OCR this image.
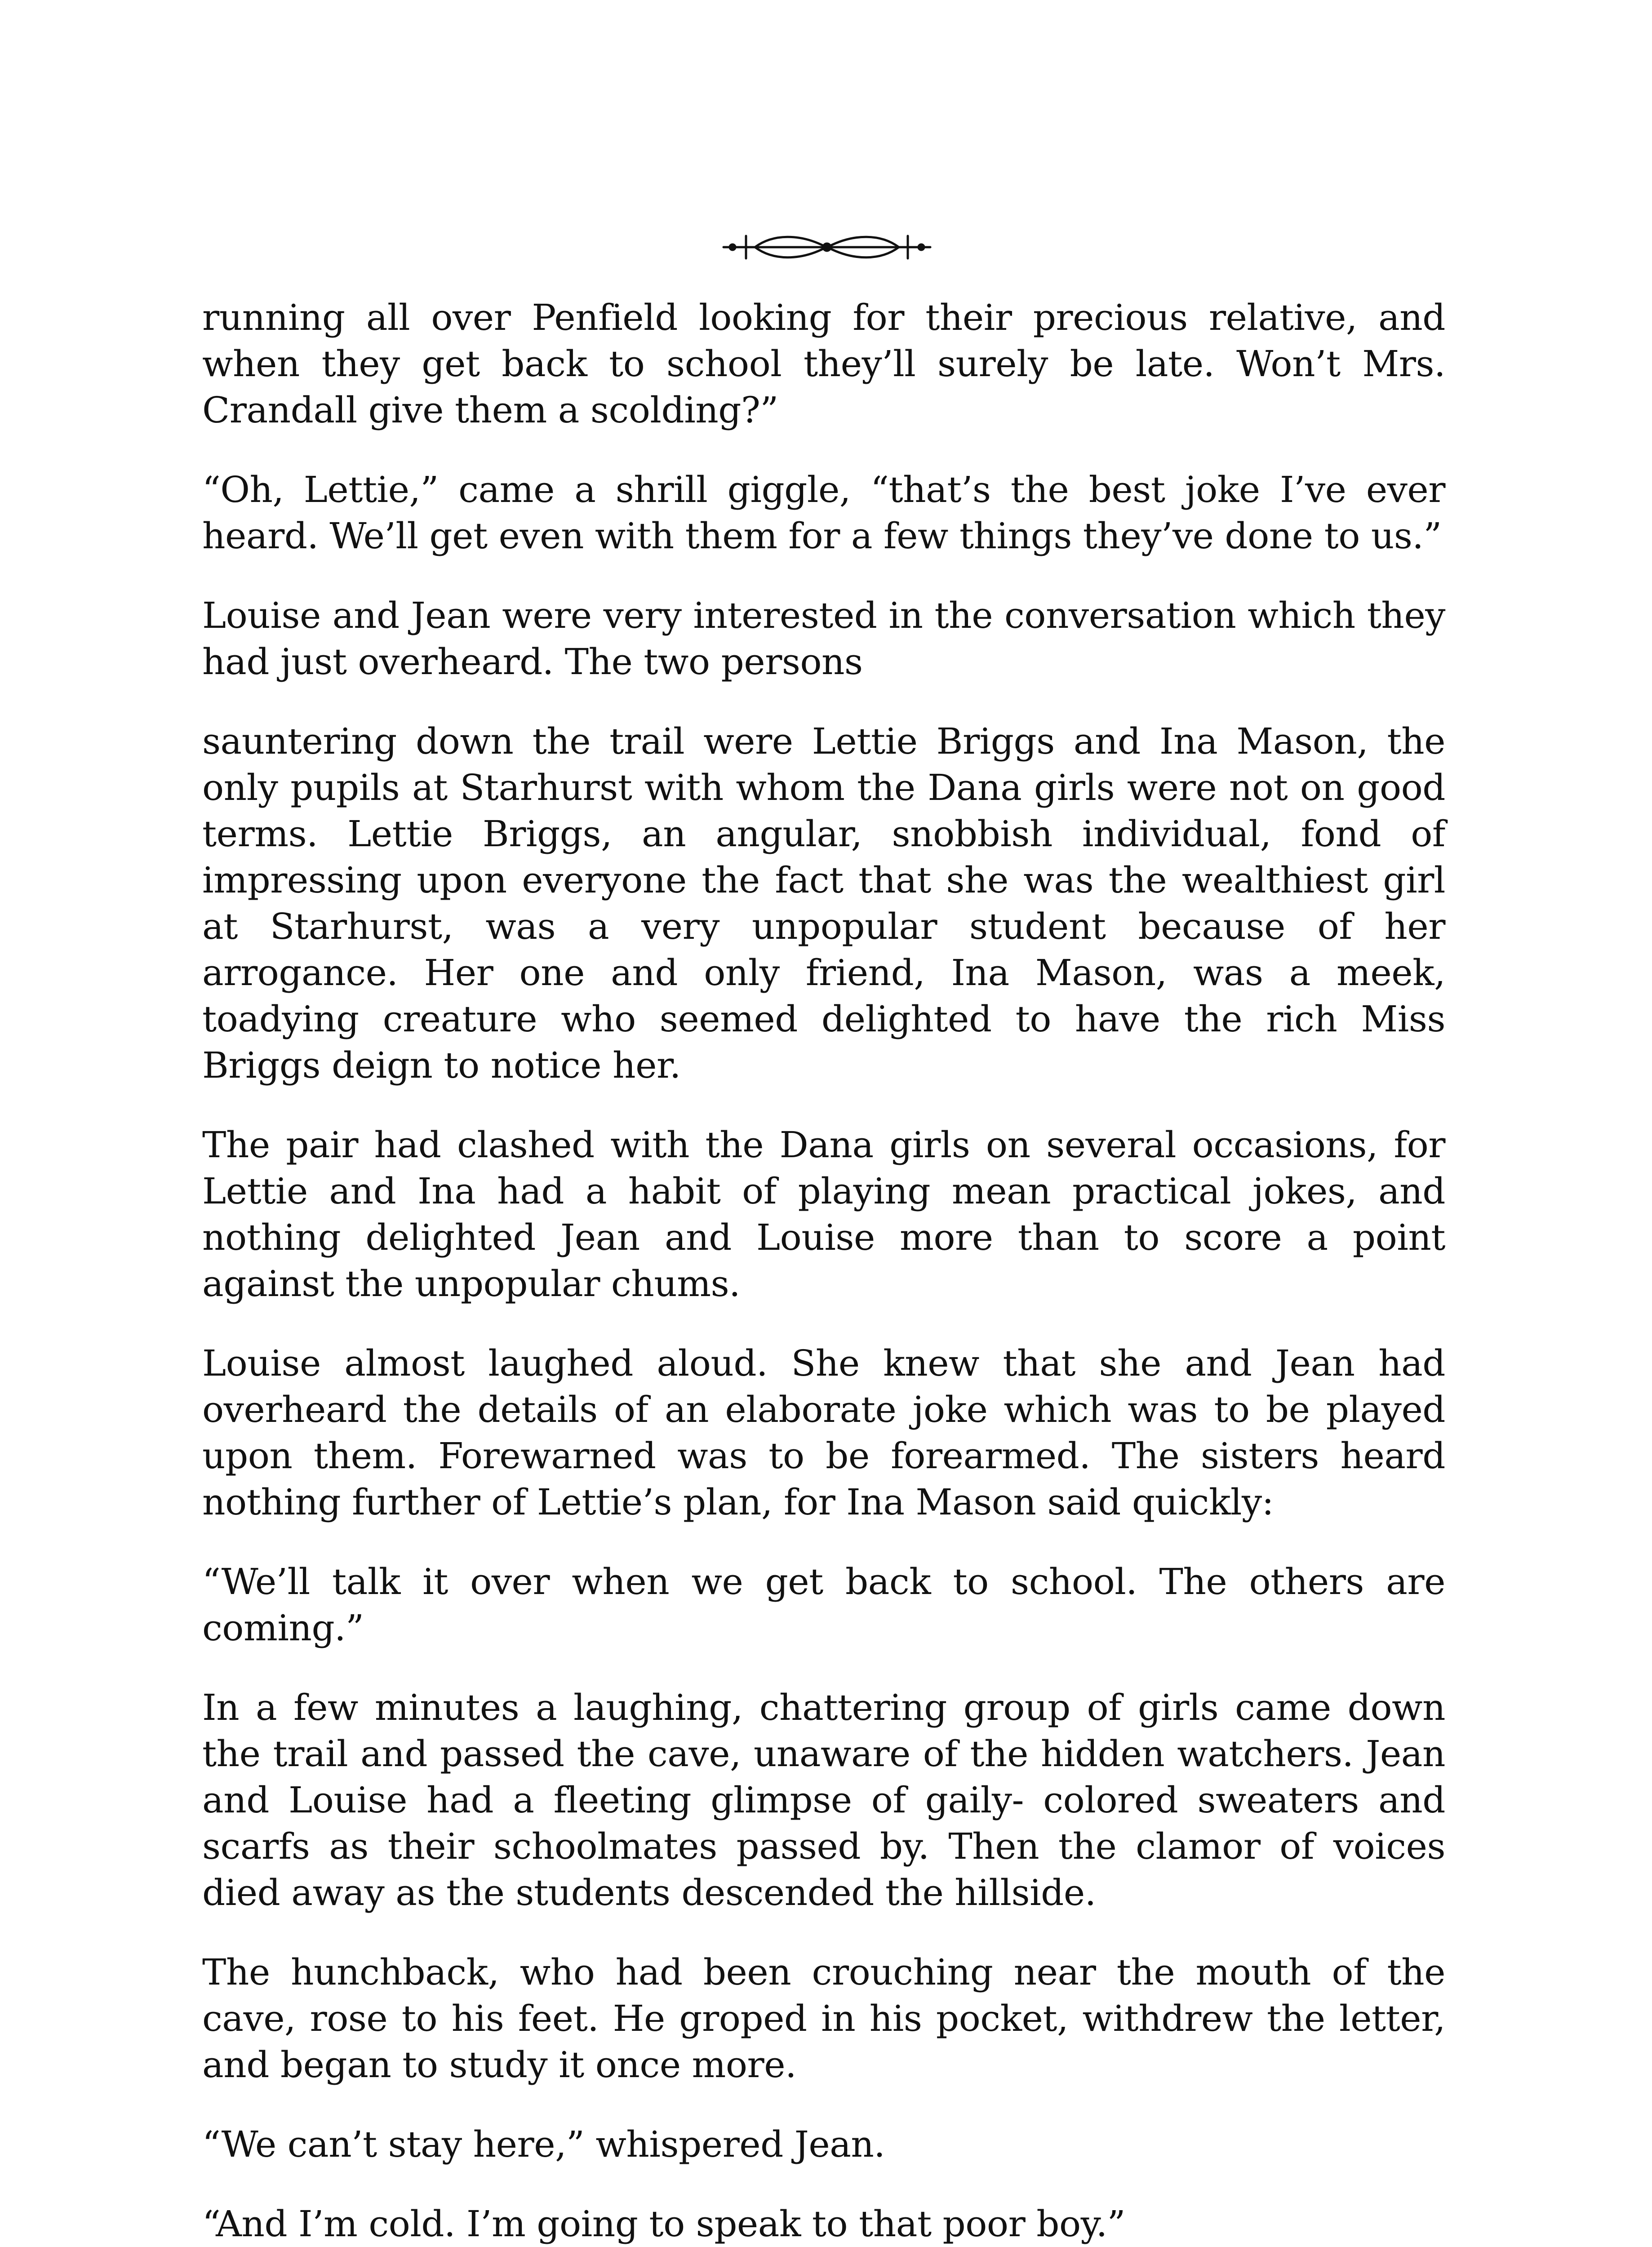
running all over Penfield looking for their precious relative, and when they get back to school they’ll surely be late. Won’t Mrs. Crandall give them a scolding?”

“Oh, Lettie,” came a shrill giggle, “that’s the best joke I’ve ever heard. We’ll get even with them for a few things they’ve done to us.”

Louise and Jean were very interested in the conversation which they had just overheard. The two persons

sauntering down the trail were Lettie Briggs and Ina Mason, the only pupils at Starhurst with whom the Dana girls were not on good terms. Lettie Briggs, an angular, snobbish individual, fond of impressing upon everyone the fact that she was the wealthiest girl at Starhurst, was a very unpopular student because of her arrogance. Her one and only friend, Ina Mason, was a meek, toadying creature who seemed delighted to have the rich Miss Briggs deign to notice her.

The pair had clashed with the Dana girls on several occasions, for Lettie and Ina had a habit of playing mean practical jokes, and nothing delighted Jean and Louise more than to score a point against the unpopular chums.

Louise almost laughed aloud. She knew that she and Jean had overheard the details of an elaborate joke which was to be played upon them. Forewarned was to be forearmed. The sisters heard nothing further of Lettie’s plan, for Ina Mason said quickly:

“We’ll talk it over when we get back to school. The others are coming.”

In a few minutes a laughing, chattering group of girls came down the trail and passed the cave, unaware of the hidden watchers. Jean and Louise had a fleeting glimpse of gaily- colored sweaters and scarfs as their schoolmates passed by. Then the clamor of voices died away as the students descended the hillside.

The hunchback, who had been crouching near the mouth of the cave, rose to his feet. He groped in his pocket, withdrew the letter, and began to study it once more.

“We can’t stay here,” whispered Jean.

“And I’m cold. I’m going to speak to that poor boy.”
